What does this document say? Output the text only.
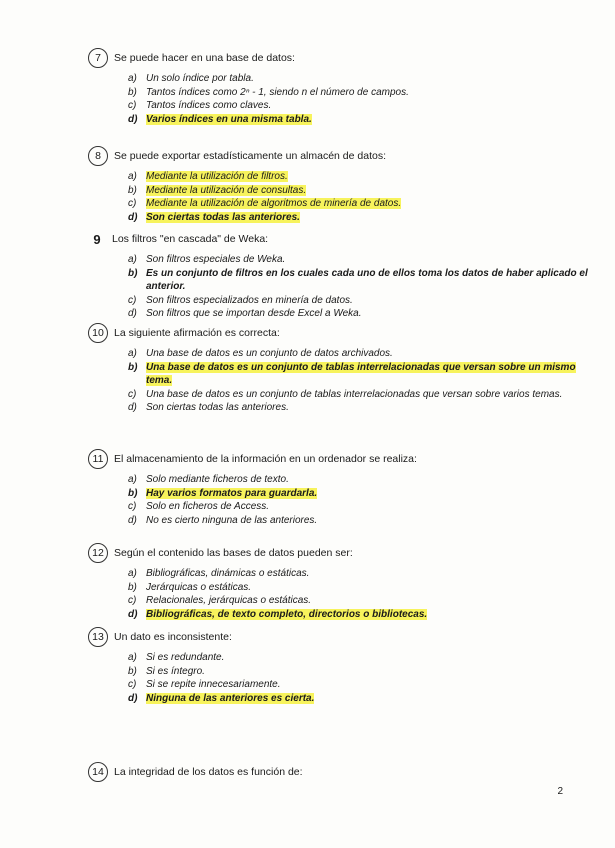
7	Se puede hacer en una base de datos:
a) Un solo índice por tabla.
b) Tantos índices como 2ⁿ - 1, siendo n el número de campos.
c) Tantos índices como claves.
d) Varios índices en una misma tabla.
8	Se puede exportar estadísticamente un almacén de datos:
a) Mediante la utilización de filtros.
b) Mediante la utilización de consultas.
c) Mediante la utilización de algoritmos de minería de datos.
d) Son ciertas todas las anteriores.
9	Los filtros "en cascada" de Weka:
a) Son filtros especiales de Weka.
b) Es un conjunto de filtros en los cuales cada uno de ellos toma los datos de haber aplicado el anterior.
c) Son filtros especializados en minería de datos.
d) Son filtros que se importan desde Excel a Weka.
10 La siguiente afirmación es correcta:
a) Una base de datos es un conjunto de datos archivados.
b) Una base de datos es un conjunto de tablas interrelacionadas que versan sobre un mismo tema.
c) Una base de datos es un conjunto de tablas interrelacionadas que versan sobre varios temas.
d) Son ciertas todas las anteriores.
11	El almacenamiento de la información en un ordenador se realiza:
a) Solo mediante ficheros de texto.
b) Hay varios formatos para guardarla.
c) Solo en ficheros de Access.
d) No es cierto ninguna de las anteriores.
12 Según el contenido las bases de datos pueden ser:
a) Bibliográficas, dinámicas o estáticas.
b) Jerárquicas o estáticas.
c) Relacionales, jerárquicas o estáticas.
d) Bibliográficas, de texto completo, directorios o bibliotecas.
13 Un dato es inconsistente:
a) Si es redundante.
b) Si es íntegro.
c) Si se repite innecesariamente.
d) Ninguna de las anteriores es cierta.
14 La integridad de los datos es función de:
2
